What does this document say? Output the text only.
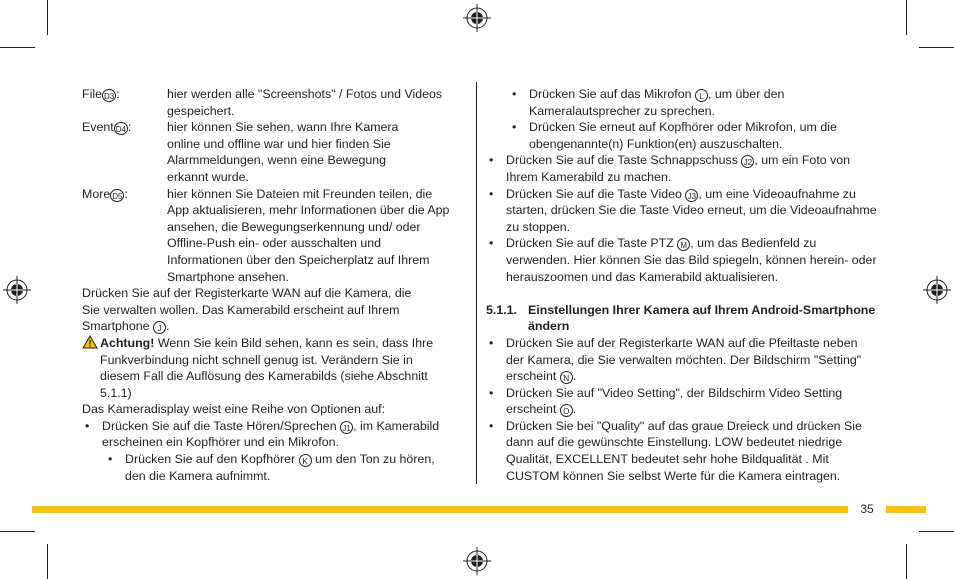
File D3 :	hier werden alle "Screenshots" / Fotos und Videos gespeichert.
Event D4 :	hier können Sie sehen, wann Ihre Kamera online und offline war und hier finden Sie Alarmmeldungen, wenn eine Bewegung erkannt wurde.
More D5 :	hier können Sie Dateien mit Freunden teilen, die App aktualisieren, mehr Informationen über die App ansehen, die Bewegungserkennung und/ oder Offline-Push ein- oder ausschalten und Informationen über den Speicherplatz auf Ihrem Smartphone ansehen.

Drücken Sie auf der Registerkarte WAN auf die Kamera, die Sie verwalten wollen. Das Kamerabild erscheint auf Ihrem Smartphone J .

Achtung! Wenn Sie kein Bild sehen, kann es sein, dass Ihre Funkverbindung nicht schnell genug ist. Verändern Sie in diesem Fall die Auflösung des Kamerabilds (siehe Abschnitt 5.1.1)

Das Kameradisplay weist eine Reihe von Optionen auf:

• Drücken Sie auf die Taste Hören/Sprechen J1 , im Kamerabild erscheinen ein Kopfhörer und ein Mikrofon.
• Drücken Sie auf den Kopfhörer K um den Ton zu hören, den die Kamera aufnimmt.
• Drücken Sie auf das Mikrofon L , um über den Kameralautsprecher zu sprechen.
• Drücken Sie erneut auf Kopfhörer oder Mikrofon, um die obengenannte(n) Funktion(en) auszuschalten.
• Drücken Sie auf die Taste Schnappschuss J2 , um ein Foto von Ihrem Kamerabild zu machen.
• Drücken Sie auf die Taste Video J3 , um eine Videoaufnahme zu starten, drücken Sie die Taste Video erneut, um die Videoaufnahme zu stoppen.
• Drücken Sie auf die Taste PTZ M , um das Bedienfeld zu verwenden. Hier können Sie das Bild spiegeln, können herein- oder herauszoomen und das Kamerabild aktualisieren.
5.1.1. Einstellungen Ihrer Kamera auf Ihrem Android-Smartphone ändern
• Drücken Sie auf der Registerkarte WAN auf die Pfeiltaste neben der Kamera, die Sie verwalten möchten. Der Bildschirm "Setting" erscheint N .
• Drücken Sie auf "Video Setting", der Bildschirm Video Setting erscheint O .
• Drücken Sie bei "Quality" auf das graue Dreieck und drücken Sie dann auf die gewünschte Einstellung. LOW bedeutet niedrige Qualität, EXCELLENT bedeutet sehr hohe Bildqualität . Mit CUSTOM können Sie selbst Werte für die Kamera eintragen.
35
